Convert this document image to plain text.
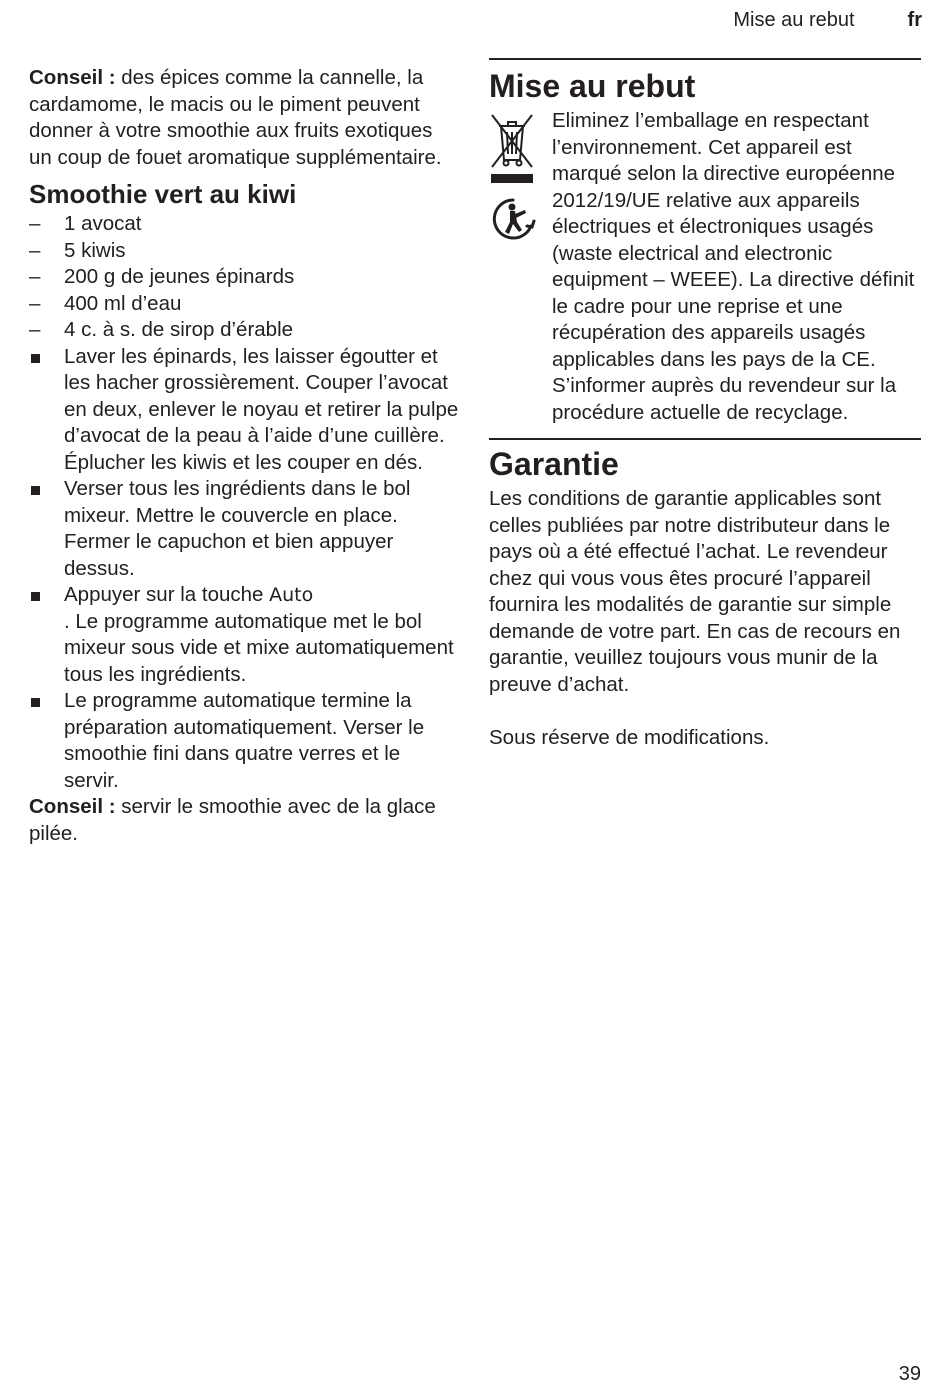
Mise au rebut	fr

Conseil : des épices comme la cannelle, la cardamome, le macis ou le piment peuvent donner à votre smoothie aux fruits exotiques un coup de fouet aromatique supplémentaire.

Smoothie vert au kiwi
– 1 avocat
– 5 kiwis
– 200 g de jeunes épinards
– 400 ml d’eau
– 4 c. à s. de sirop d’érable
Laver les épinards, les laisser égoutter et les hacher grossièrement. Couper l’avocat en deux, enlever le noyau et retirer la pulpe d’avocat de la peau à l’aide d’une cuillère. Éplucher les kiwis et les couper en dés.
Verser tous les ingrédients dans le bol mixeur. Mettre le couvercle en place. Fermer le capuchon et bien appuyer dessus.
Appuyer sur la touche Auto
. Le programme automatique met le bol mixeur sous vide et mixe automatiquement tous les ingrédients.
Le programme automatique termine la préparation automatiquement. Verser le smoothie fini dans quatre verres et le servir.

Conseil : servir le smoothie avec de la glace pilée.

Mise au rebut
Eliminez l’emballage en respectant l’environnement. Cet appareil est marqué selon la directive européenne 2012/19/UE relative aux appareils électriques et électroniques usagés (waste electrical and electronic equipment – WEEE). La directive définit le cadre pour une reprise et une récupération des appareils usagés applicables dans les pays de la CE. S’informer auprès du revendeur sur la procédure actuelle de recyclage.
Garantie

Les conditions de garantie applicables sont celles publiées par notre distributeur dans le pays où a été effectué l’achat. Le revendeur chez qui vous vous êtes procuré l’appareil fournira les modalités de garantie sur simple demande de votre part. En cas de recours en garantie, veuillez toujours vous munir de la preuve d’achat.

Sous réserve de modifications.

39
